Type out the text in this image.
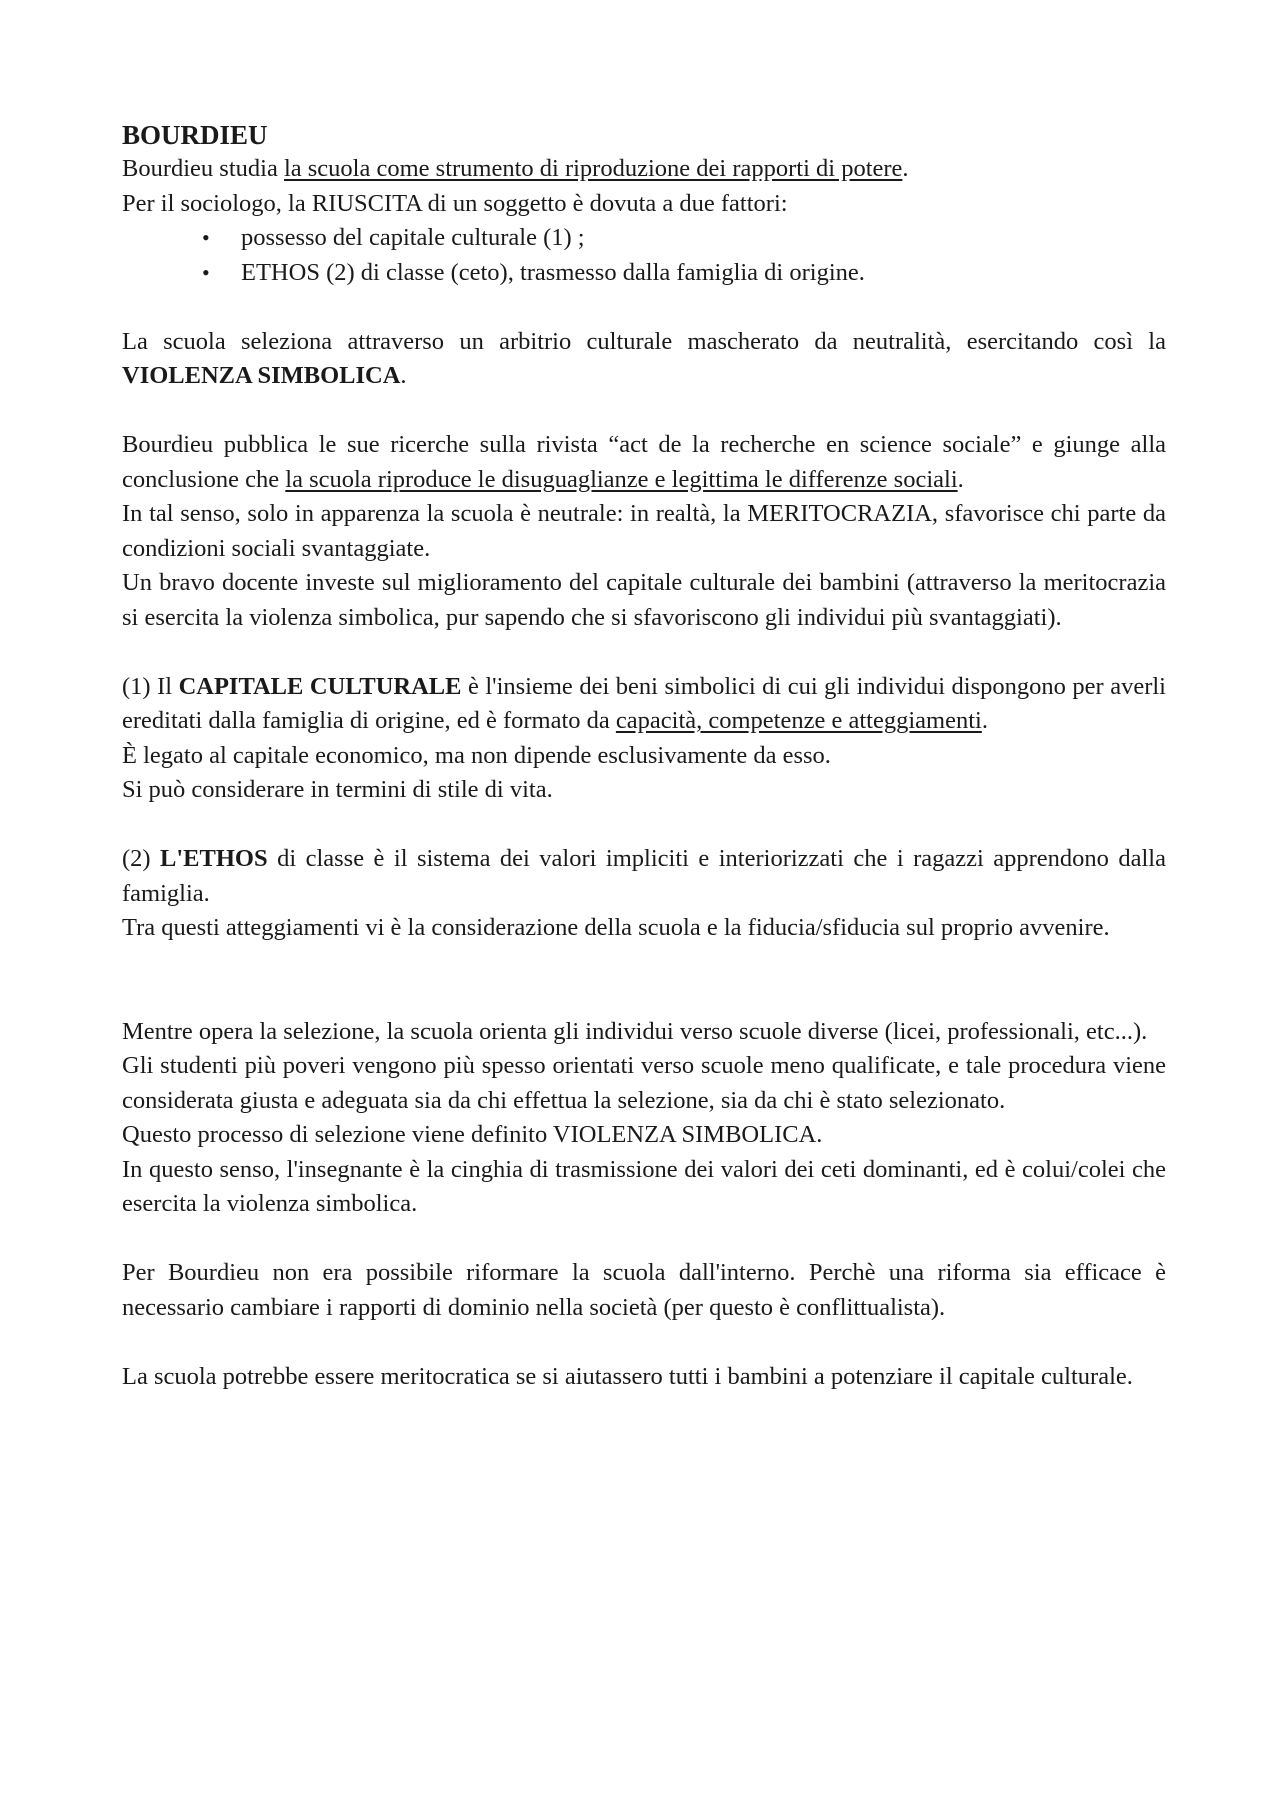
BOURDIEU

Bourdieu studia la scuola come strumento di riproduzione dei rapporti di potere.

Per il sociologo, la RIUSCITA di un soggetto è dovuta a due fattori:

• possesso del capitale culturale (1) ;
• ETHOS (2) di classe (ceto), trasmesso dalla famiglia di origine.

La scuola seleziona attraverso un arbitrio culturale mascherato da neutralità, esercitando così la VIOLENZA SIMBOLICA.

Bourdieu pubblica le sue ricerche sulla rivista “act de la recherche en science sociale” e giunge alla conclusione che la scuola riproduce le disuguaglianze e legittima le differenze sociali.

In tal senso, solo in apparenza la scuola è neutrale: in realtà, la MERITOCRAZIA, sfavorisce chi parte da condizioni sociali svantaggiate.

Un bravo docente investe sul miglioramento del capitale culturale dei bambini (attraverso la meritocrazia si esercita la violenza simbolica, pur sapendo che si sfavoriscono gli individui più svantaggiati).

(1) Il CAPITALE CULTURALE è l'insieme dei beni simbolici di cui gli individui dispongono per averli ereditati dalla famiglia di origine, ed è formato da capacità, competenze e atteggiamenti.

È legato al capitale economico, ma non dipende esclusivamente da esso.

Si può considerare in termini di stile di vita.

(2) L'ETHOS di classe è il sistema dei valori impliciti e interiorizzati che i ragazzi apprendono dalla famiglia.

Tra questi atteggiamenti vi è la considerazione della scuola e la fiducia/sfiducia sul proprio avvenire.

Mentre opera la selezione, la scuola orienta gli individui verso scuole diverse (licei, professionali, etc...).

Gli studenti più poveri vengono più spesso orientati verso scuole meno qualificate, e tale procedura viene considerata giusta e adeguata sia da chi effettua la selezione, sia da chi è stato selezionato.

Questo processo di selezione viene definito VIOLENZA SIMBOLICA.

In questo senso, l'insegnante è la cinghia di trasmissione dei valori dei ceti dominanti, ed è colui/colei che esercita la violenza simbolica.

Per Bourdieu non era possibile riformare la scuola dall'interno. Perchè una riforma sia efficace è necessario cambiare i rapporti di dominio nella società (per questo è conflittualista).

La scuola potrebbe essere meritocratica se si aiutassero tutti i bambini a potenziare il capitale culturale.
